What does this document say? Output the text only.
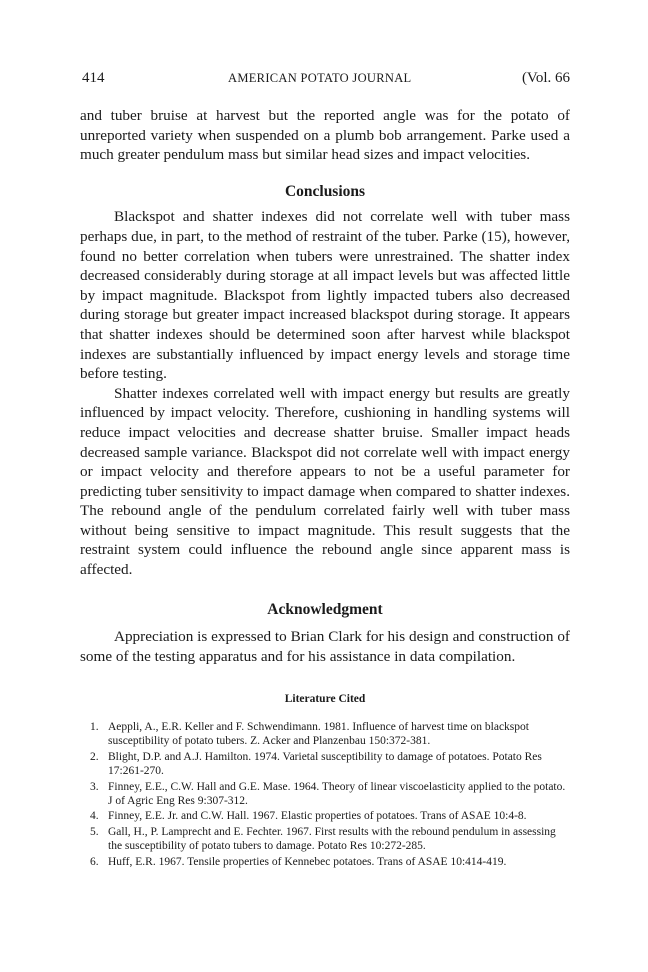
414	AMERICAN POTATO JOURNAL	(Vol. 66

and tuber bruise at harvest but the reported angle was for the potato of unreported variety when suspended on a plumb bob arrangement. Parke used a much greater pendulum mass but similar head sizes and impact velocities.

Conclusions

Blackspot and shatter indexes did not correlate well with tuber mass perhaps due, in part, to the method of restraint of the tuber. Parke (15), however, found no better correlation when tubers were unrestrained. The shatter index decreased considerably during storage at all impact levels but was affected little by impact magnitude. Blackspot from lightly impacted tubers also decreased during storage but greater impact increased blackspot during storage. It appears that shatter indexes should be determined soon after harvest while blackspot indexes are substantially influenced by impact energy levels and storage time before testing.

Shatter indexes correlated well with impact energy but results are greatly influenced by impact velocity. Therefore, cushioning in handling systems will reduce impact velocities and decrease shatter bruise. Smaller impact heads decreased sample variance. Blackspot did not correlate well with impact energy or impact velocity and therefore appears to not be a useful parameter for predicting tuber sensitivity to impact damage when compared to shatter indexes. The rebound angle of the pendulum correlated fairly well with tuber mass without being sensitive to impact magnitude. This result suggests that the restraint system could influence the rebound angle since apparent mass is affected.

Acknowledgment

Appreciation is expressed to Brian Clark for his design and construction of some of the testing apparatus and for his assistance in data compilation.

Literature Cited
1. Aeppli, A., E.R. Keller and F. Schwendimann. 1981. Influence of harvest time on blackspot susceptibility of potato tubers. Z. Acker and Planzenbau 150:372-381.
2. Blight, D.P. and A.J. Hamilton. 1974. Varietal susceptibility to damage of potatoes. Potato Res 17:261-270.
3. Finney, E.E., C.W. Hall and G.E. Mase. 1964. Theory of linear viscoelasticity applied to the potato. J of Agric Eng Res 9:307-312.
4. Finney, E.E. Jr. and C.W. Hall. 1967. Elastic properties of potatoes. Trans of ASAE 10:4-8.
5. Gall, H., P. Lamprecht and E. Fechter. 1967. First results with the rebound pendulum in assessing the susceptibility of potato tubers to damage. Potato Res 10:272-285.
6. Huff, E.R. 1967. Tensile properties of Kennebec potatoes. Trans of ASAE 10:414-419.
